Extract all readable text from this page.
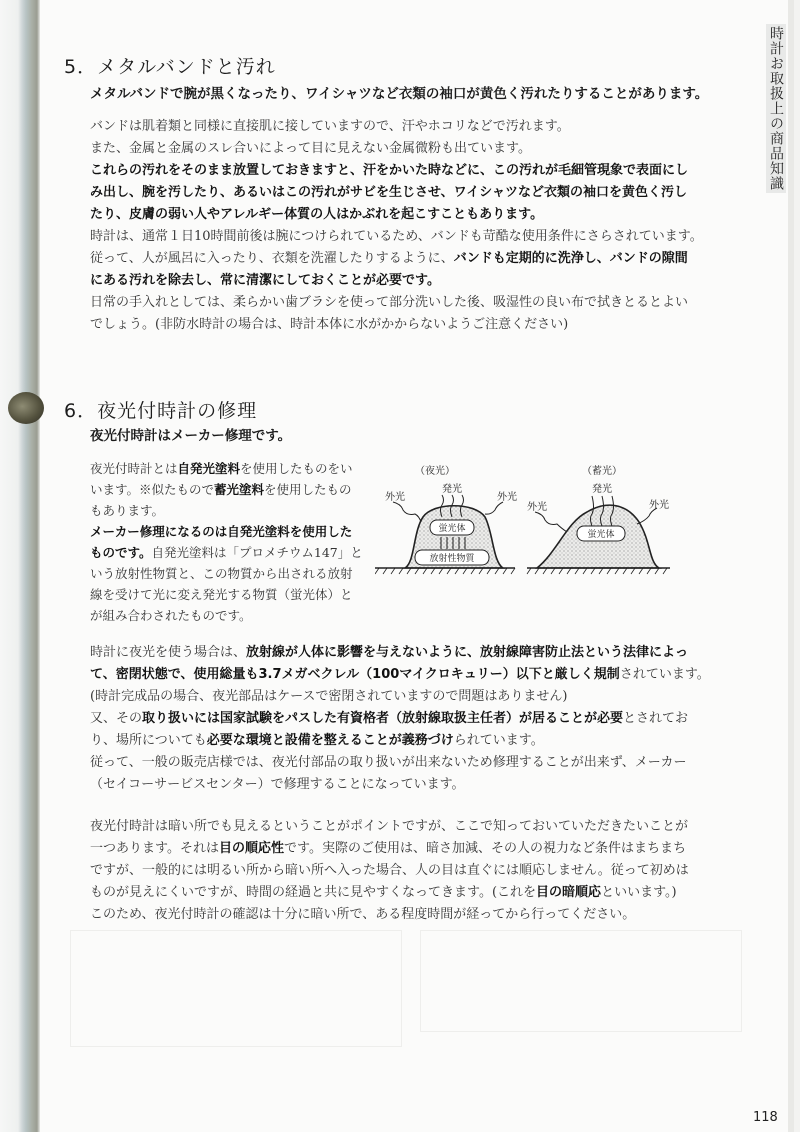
時計お取扱上の商品知識
5．メタルバンドと汚れ
メタルバンドで腕が黒くなったり、ワイシャツなど衣類の袖口が黄色く汚れたりすることがあります。
バンドは肌着類と同様に直接肌に接していますので、汗やホコリなどで汚れます。
また、金属と金属のスレ合いによって目に見えない金属微粉も出ています。
これらの汚れをそのまま放置しておきますと、汗をかいた時などに、この汚れが毛細管現象で表面にし
み出し、腕を汚したり、あるいはこの汚れがサビを生じさせ、ワイシャツなど衣類の袖口を黄色く汚し
たり、皮膚の弱い人やアレルギー体質の人はかぶれを起こすこともあります。
時計は、通常１日10時間前後は腕につけられているため、バンドも苛酷な使用条件にさらされています。
従って、人が風呂に入ったり、衣類を洗濯したりするように、バンドも定期的に洗浄し、バンドの隙間
にある汚れを除去し、常に清潔にしておくことが必要です。
日常の手入れとしては、柔らかい歯ブラシを使って部分洗いした後、吸湿性の良い布で拭きとるとよい
でしょう。(非防水時計の場合は、時計本体に水がかからないようご注意ください)
6．夜光付時計の修理
夜光付時計はメーカー修理です。
夜光付時計とは自発光塗料を使用したものをい
います。※似たもので蓄光塗料を使用したもの
もあります。
メーカー修理になるのは自発光塗料を使用した
ものです。自発光塗料は「プロメチウム147」と
いう放射性物質と、この物質から出される放射
線を受けて光に変え発光する物質（蛍光体）と
が組み合わされたものです。
（夜光）
発光
蛍光体
放射性物質
外光	外光
（蓄光）
発光
蛍光体
外光	外光
時計に夜光を使う場合は、放射線が人体に影響を与えないように、放射線障害防止法という法律によっ
て、密閉状態で、使用総量も3.7メガベクレル（100マイクロキュリー）以下と厳しく規制されています。
(時計完成品の場合、夜光部品はケースで密閉されていますので問題はありません)
又、その取り扱いには国家試験をパスした有資格者（放射線取扱主任者）が居ることが必要とされてお
り、場所についても必要な環境と設備を整えることが義務づけられています。
従って、一般の販売店様では、夜光付部品の取り扱いが出来ないため修理することが出来ず、メーカー
（セイコーサービスセンター）で修理することになっています。
夜光付時計は暗い所でも見えるということがポイントですが、ここで知っておいていただきたいことが
一つあります。それは目の順応性です。実際のご使用は、暗さ加減、その人の視力など条件はまちまち
ですが、一般的には明るい所から暗い所へ入った場合、人の目は直ぐには順応しません。従って初めは
ものが見えにくいですが、時間の経過と共に見やすくなってきます。(これを目の暗順応といいます。)
このため、夜光付時計の確認は十分に暗い所で、ある程度時間が経ってから行ってください。
118
